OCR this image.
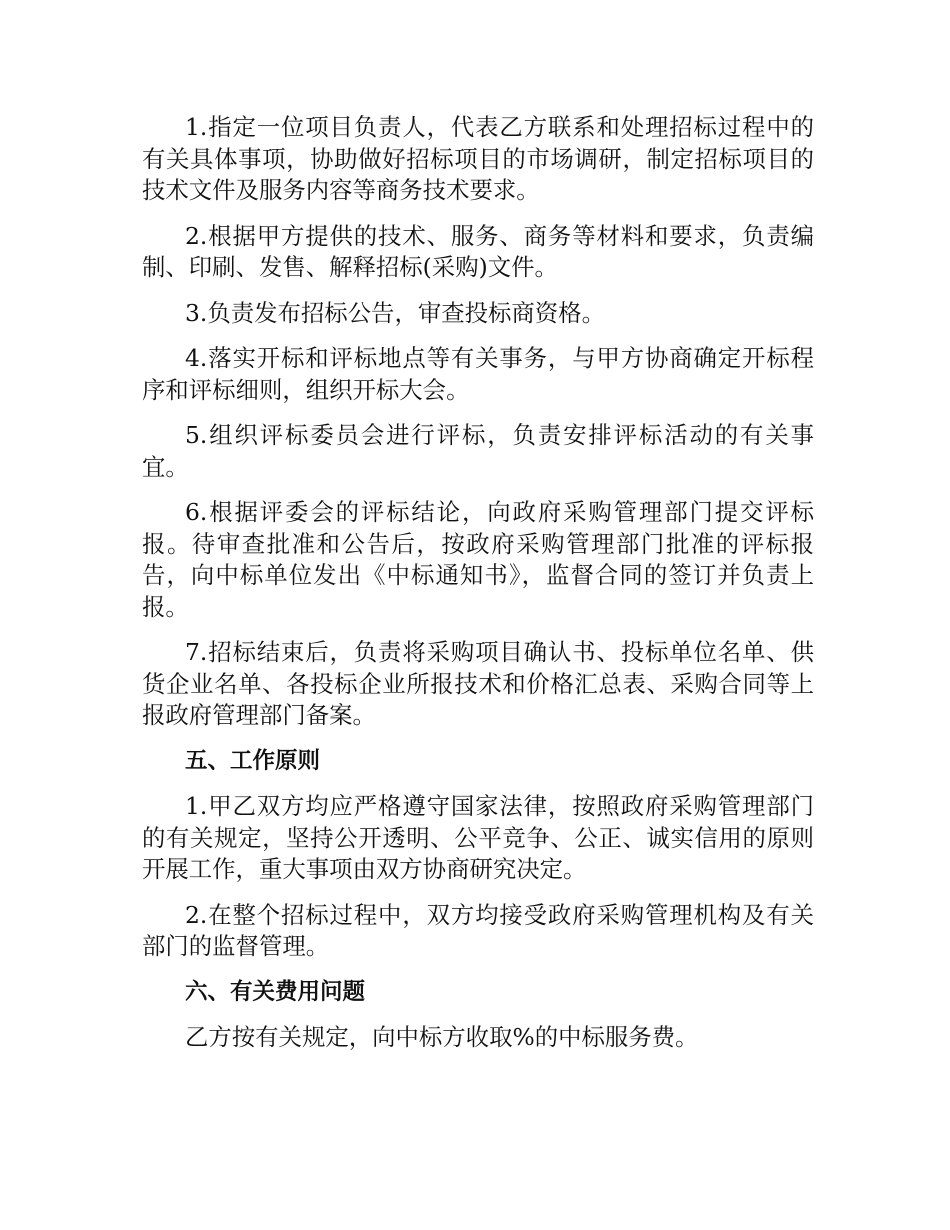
1.指定一位项目负责人，代表乙方联系和处理招标过程中的有关具体事项，协助做好招标项目的市场调研，制定招标项目的技术文件及服务内容等商务技术要求。

2.根据甲方提供的技术、服务、商务等材料和要求，负责编制、印刷、发售、解释招标(采购)文件。

3.负责发布招标公告，审查投标商资格。

4.落实开标和评标地点等有关事务，与甲方协商确定开标程序和评标细则，组织开标大会。

5.组织评标委员会进行评标，负责安排评标活动的有关事宜。

6.根据评委会的评标结论，向政府采购管理部门提交评标报。待审查批准和公告后，按政府采购管理部门批准的评标报告，向中标单位发出《中标通知书》，监督合同的签订并负责上报。

7.招标结束后，负责将采购项目确认书、投标单位名单、供货企业名单、各投标企业所报技术和价格汇总表、采购合同等上报政府管理部门备案。

五、工作原则

1.甲乙双方均应严格遵守国家法律，按照政府采购管理部门的有关规定，坚持公开透明、公平竞争、公正、诚实信用的原则开展工作，重大事项由双方协商研究决定。

2.在整个招标过程中，双方均接受政府采购管理机构及有关部门的监督管理。

六、有关费用问题

乙方按有关规定，向中标方收取%的中标服务费。
